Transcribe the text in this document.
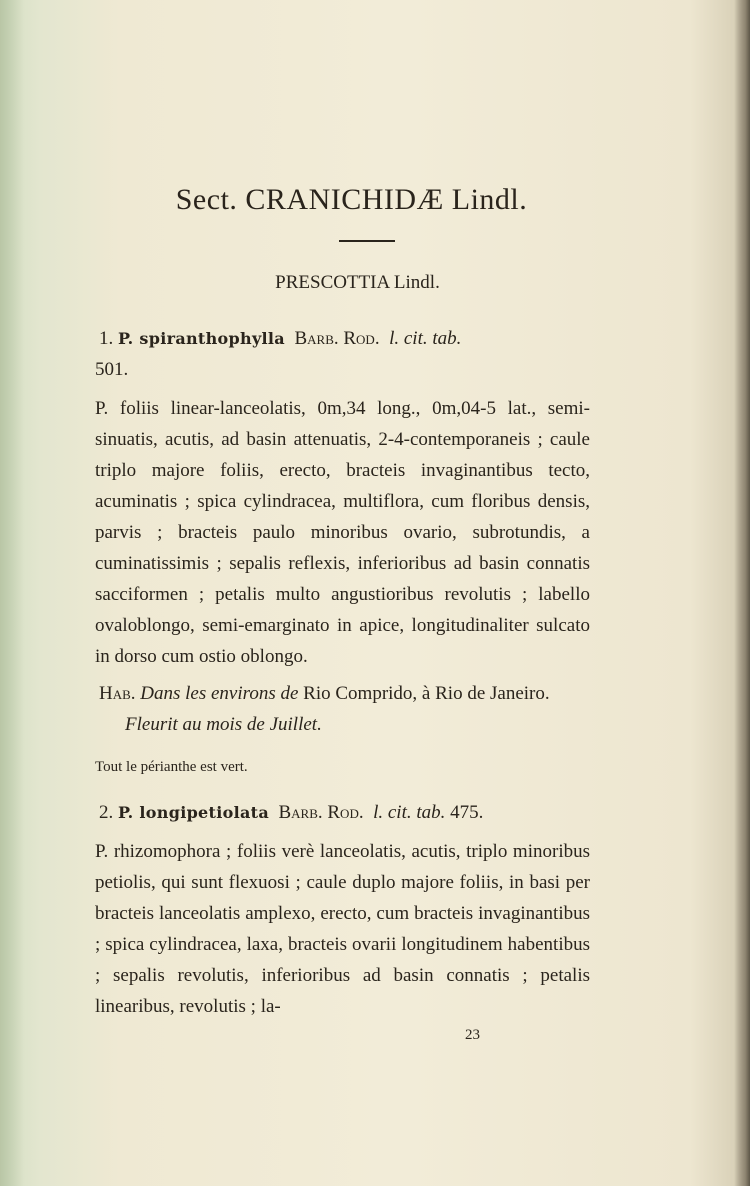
Sect. CRANICHIDÆ Lindl.
PRESCOTTIA Lindl.
1. P. spiranthophylla Barb. Rod. l. cit. tab.
501.
P. foliis linear-lanceolatis, 0m,34 long., 0m,04-5 lat., semi-sinuatis, acutis, ad basin attenuatis, 2-4-contemporaneis ; caule triplo majore foliis, erecto, bracteis invaginantibus tecto, acuminatis ; spica cylindracea, multiflora, cum floribus densis, parvis ; bracteis paulo minoribus ovario, subrotundis, a cuminatissimis ; sepalis reflexis, inferioribus ad basin connatis sacciformen ; petalis multo angustioribus revolutis ; labello ovaloblongo, semi-emarginato in apice, longitudinaliter sulcato in dorso cum ostio oblongo.
Hab. Dans les environs de Rio Comprido, à Rio de Janeiro.
Fleurit au mois de Juillet.
Tout le périanthe est vert.
2. P. longipetiolata Barb. Rod. l. cit. tab. 475.
P. rhizomophora ; foliis verè lanceolatis, acutis, triplo minoribus petiolis, qui sunt flexuosi ; caule duplo majore foliis, in basi per bracteis lanceolatis amplexo, erecto, cum bracteis invaginantibus ; spica cylindracea, laxa, bracteis ovarii longitudinem habentibus ; sepalis revolutis, inferioribus ad basin connatis ; petalis linearibus, revolutis ; la-
23
